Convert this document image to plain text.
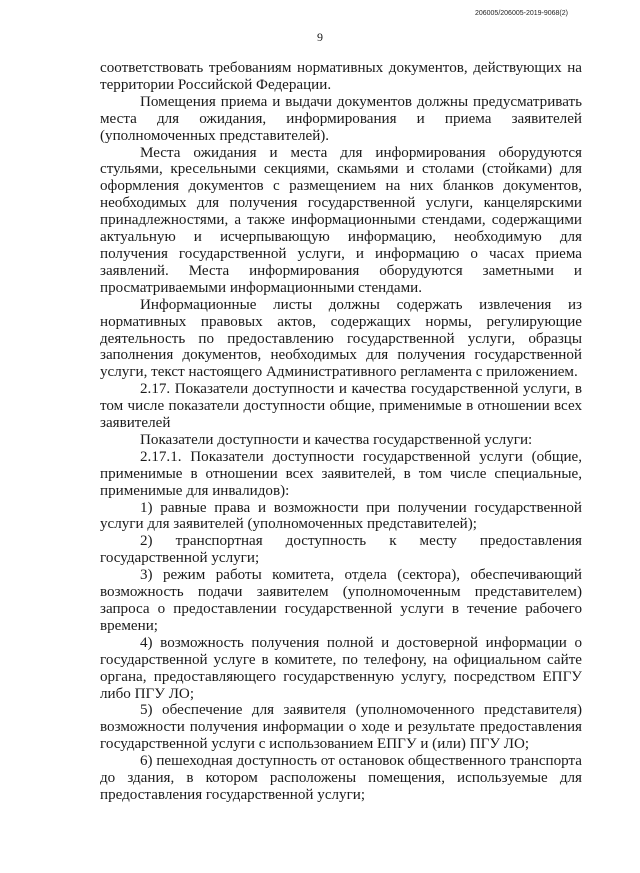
206005/206005-2019-9068(2)
9

соответствовать требованиям нормативных документов, действующих на территории Российской Федерации.

Помещения приема и выдачи документов должны предусматривать места для ожидания, информирования и приема заявителей (уполномоченных представителей).

Места ожидания и места для информирования оборудуются стульями, кресельными секциями, скамьями и столами (стойками) для оформления документов с размещением на них бланков документов, необходимых для получения государственной услуги, канцелярскими принадлежностями, а также информационными стендами, содержащими актуальную и исчерпывающую информацию, необходимую для получения государственной услуги, и информацию о часах приема заявлений. Места информирования оборудуются заметными и просматриваемыми информационными стендами.

Информационные листы должны содержать извлечения из нормативных правовых актов, содержащих нормы, регулирующие деятельность по предоставлению государственной услуги, образцы заполнения документов, необходимых для получения государственной услуги, текст настоящего Административного регламента с приложением.

2.17. Показатели доступности и качества государственной услуги, в том числе показатели доступности общие, применимые в отношении всех заявителей

Показатели доступности и качества государственной услуги:

2.17.1. Показатели доступности государственной услуги (общие, применимые в отношении всех заявителей, в том числе специальные, применимые для инвалидов):

1) равные права и возможности при получении государственной услуги для заявителей (уполномоченных представителей);

2) транспортная доступность к месту предоставления государственной услуги;

3) режим работы комитета, отдела (сектора), обеспечивающий возможность подачи заявителем (уполномоченным представителем) запроса о предоставлении государственной услуги в течение рабочего времени;

4) возможность получения полной и достоверной информации о государственной услуге в комитете, по телефону, на официальном сайте органа, предоставляющего государственную услугу, посредством ЕПГУ либо ПГУ ЛО;

5) обеспечение для заявителя (уполномоченного представителя) возможности получения информации о ходе и результате предоставления государственной услуги с использованием ЕПГУ и (или) ПГУ ЛО;

6) пешеходная доступность от остановок общественного транспорта до здания, в котором расположены помещения, используемые для предоставления государственной услуги;
